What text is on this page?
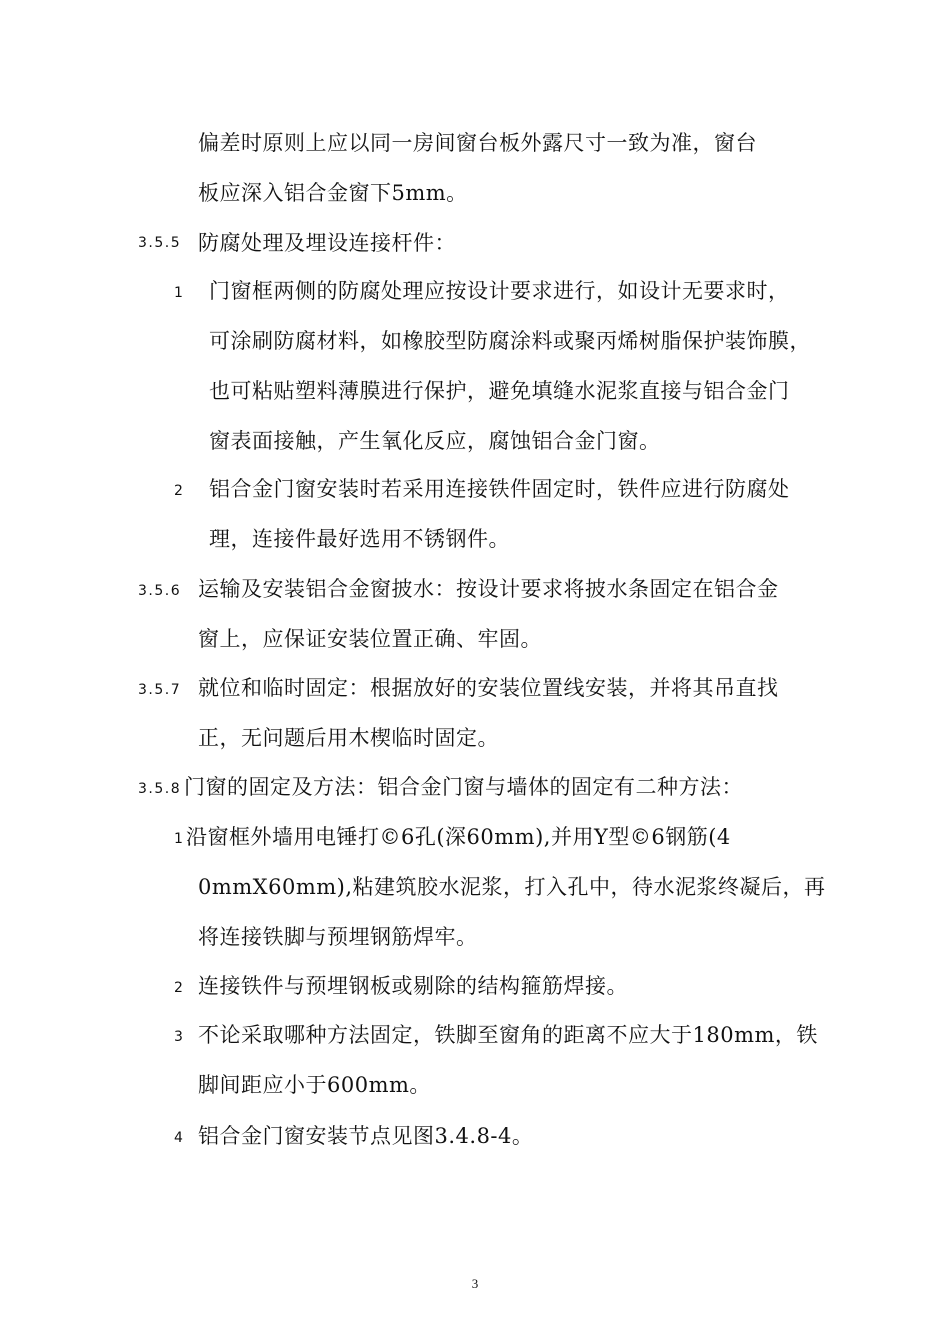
偏差时原则上应以同一房间窗台板外露尺寸一致为准，窗台
板应深入铝合金窗下5mm。
3.5.5 防腐处理及埋设连接杆件：
1 门窗框两侧的防腐处理应按设计要求进行，如设计无要求时，
可涂刷防腐材料，如橡胶型防腐涂料或聚丙烯树脂保护装饰膜，
也可粘贴塑料薄膜进行保护，避免填缝水泥浆直接与铝合金门
窗表面接触，产生氧化反应，腐蚀铝合金门窗。
2 铝合金门窗安装时若采用连接铁件固定时，铁件应进行防腐处
理，连接件最好选用不锈钢件。
3.5.6 运输及安装铝合金窗披水：按设计要求将披水条固定在铝合金
窗上，应保证安装位置正确、牢固。
3.5.7 就位和临时固定：根据放好的安装位置线安装，并将其吊直找
正，无问题后用木楔临时固定。
3.5.8 门窗的固定及方法：铝合金门窗与墙体的固定有二种方法：
1 沿窗框外墙用电锤打©6孔(深60mm),并用Y型©6钢筋(4
0mmX60mm),粘建筑胶水泥浆，打入孔中，待水泥浆终凝后，再
将连接铁脚与预埋钢筋焊牢。
2 连接铁件与预埋钢板或剔除的结构箍筋焊接。
3 不论采取哪种方法固定，铁脚至窗角的距离不应大于180mm，铁
脚间距应小于600mm。
4 铝合金门窗安装节点见图3.4.8-4。
3
